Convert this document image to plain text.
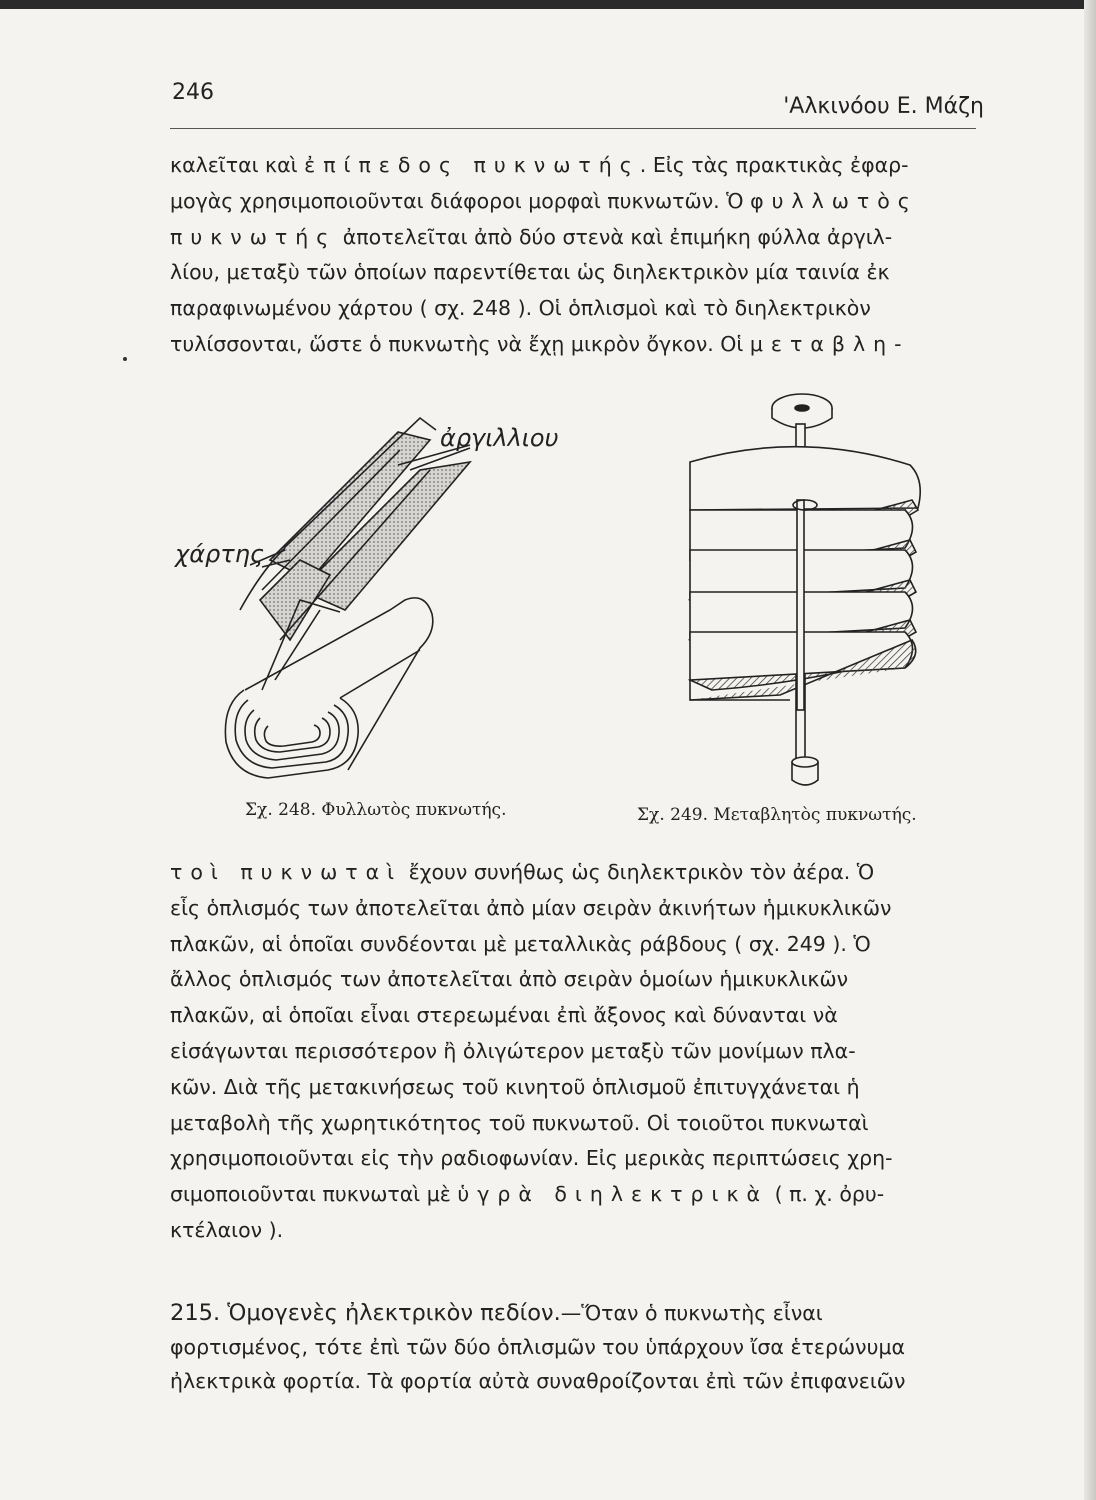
246
'Αλκινόου Ε. Μάζη
καλεῖται καὶ ἐπίπεδος πυκνωτής. Εἰς τὰς πρακτικὰς ἐφαρ-
μογὰς χρησιμοποιοῦνται διάφοροι μορφαὶ πυκνωτῶν. Ὁ φυλλωτὸς
πυκνωτής ἀποτελεῖται ἀπὸ δύο στενὰ καὶ ἐπιμήκη φύλλα ἀργιλ-
λίου, μεταξὺ τῶν ὁποίων παρεντίθεται ὡς διηλεκτρικὸν μία ταινία ἐκ
παραφινωμένου χάρτου ( σχ. 248 ). Οἱ ὁπλισμοὶ καὶ τὸ διηλεκτρικὸν
τυλίσσονται, ὥστε ὁ πυκνωτὴς νὰ ἔχῃ μικρὸν ὄγκον. Οἱ μεταβλη-
ἀργιλλιου
χάρτης
Σχ. 248. Φυλλωτὸς πυκνωτής.	Σχ. 249. Μεταβλητὸς πυκνωτής.
τοὶ πυκνωταὶ ἔχουν συνήθως ὡς διηλεκτρικὸν τὸν ἀέρα. Ὁ
εἷς ὁπλισμός των ἀποτελεῖται ἀπὸ μίαν σειρὰν ἀκινήτων ἡμικυκλικῶν
πλακῶν, αἱ ὁποῖαι συνδέονται μὲ μεταλλικὰς ράβδους ( σχ. 249 ). Ὁ
ἄλλος ὁπλισμός των ἀποτελεῖται ἀπὸ σειρὰν ὁμοίων ἡμικυκλικῶν
πλακῶν, αἱ ὁποῖαι εἶναι στερεωμέναι ἐπὶ ἄξονος καὶ δύνανται νὰ
εἰσάγωνται περισσότερον ἢ ὀλιγώτερον μεταξὺ τῶν μονίμων πλα-
κῶν. Διὰ τῆς μετακινήσεως τοῦ κινητοῦ ὁπλισμοῦ ἐπιτυγχάνεται ἡ
μεταβολὴ τῆς χωρητικότητος τοῦ πυκνωτοῦ. Οἱ τοιοῦτοι πυκνωταὶ
χρησιμοποιοῦνται εἰς τὴν ραδιοφωνίαν. Εἰς μερικὰς περιπτώσεις χρη-
σιμοποιοῦνται πυκνωταὶ μὲ ὑγρὰ διηλεκτρικὰ ( π. χ. ὀρυ-
κτέλαιον ).
215. Ὁμογενὲς ἠλεκτρικὸν πεδίον.—Ὅταν ὁ πυκνωτὴς εἶναι
φορτισμένος, τότε ἐπὶ τῶν δύο ὁπλισμῶν του ὑπάρχουν ἴσα ἑτερώνυμα
ἠλεκτρικὰ φορτία. Τὰ φορτία αὐτὰ συναθροίζονται ἐπὶ τῶν ἐπιφανειῶν
